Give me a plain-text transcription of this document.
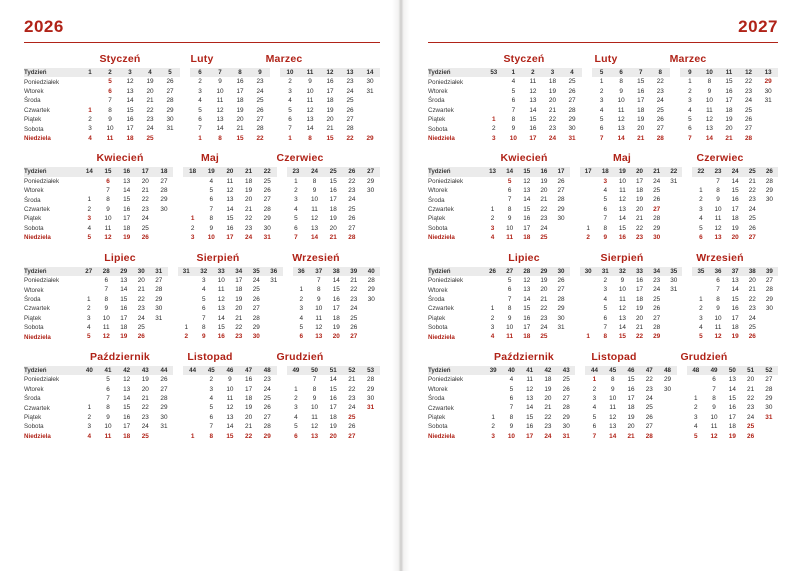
2026
Styczeń	Luty	Marzec
Tydzień	1	2	3	4	5		6	7	8	9		10	11	12	13	14
Poniedziałek		5	12	19	26		2	9	16	23		2	9	16	23	30
Wtorek		6	13	20	27		3	10	17	24		3	10	17	24	31
Środa		7	14	21	28		4	11	18	25		4	11	18	25	
Czwartek	1	8	15	22	29		5	12	19	26		5	12	19	26	
Piątek	2	9	16	23	30		6	13	20	27		6	13	20	27	
Sobota	3	10	17	24	31		7	14	21	28		7	14	21	28	
Niedziela	4	11	18	25			1	8	15	22		1	8	15	22	29
Kwiecień	Maj	Czerwiec
Tydzień	14	15	16	17	18		18	19	20	21	22		23	24	25	26	27
Poniedziałek		6	13	20	27			4	11	18	25		1	8	15	22	29
Wtorek		7	14	21	28			5	12	19	26		2	9	16	23	30
Środa	1	8	15	22	29			6	13	20	27		3	10	17	24	
Czwartek	2	9	16	23	30			7	14	21	28		4	11	18	25	
Piątek	3	10	17	24			1	8	15	22	29		5	12	19	26	
Sobota	4	11	18	25			2	9	16	23	30		6	13	20	27	
Niedziela	5	12	19	26			3	10	17	24	31		7	14	21	28	
Lipiec	Sierpień	Wrzesień
Tydzień	27	28	29	30	31		31	32	33	34	35	36		36	37	38	39	40
Poniedziałek		6	13	20	27			3	10	17	24	31			7	14	21	28
Wtorek		7	14	21	28			4	11	18	25			1	8	15	22	29
Środa	1	8	15	22	29			5	12	19	26			2	9	16	23	30
Czwartek	2	9	16	23	30			6	13	20	27			3	10	17	24	
Piątek	3	10	17	24	31			7	14	21	28			4	11	18	25	
Sobota	4	11	18	25			1	8	15	22	29			5	12	19	26	
Niedziela	5	12	19	26			2	9	16	23	30			6	13	20	27	
Październik	Listopad	Grudzień
Tydzień	40	41	42	43	44		44	45	46	47	48		49	50	51	52	53
Poniedziałek		5	12	19	26			2	9	16	23			7	14	21	28
Wtorek		6	13	20	27			3	10	17	24		1	8	15	22	29
Środa		7	14	21	28			4	11	18	25		2	9	16	23	30
Czwartek	1	8	15	22	29			5	12	19	26		3	10	17	24	31
Piątek	2	9	16	23	30			6	13	20	27		4	11	18	25	
Sobota	3	10	17	24	31			7	14	21	28		5	12	19	26	
Niedziela	4	11	18	25			1	8	15	22	29		6	13	20	27	
2027
Styczeń	Luty	Marzec
Tydzień	53	1	2	3	4		5	6	7	8		9	10	11	12	13
Poniedziałek		4	11	18	25		1	8	15	22		1	8	15	22	29
Wtorek		5	12	19	26		2	9	16	23		2	9	16	23	30
Środa		6	13	20	27		3	10	17	24		3	10	17	24	31
Czwartek		7	14	21	28		4	11	18	25		4	11	18	25	
Piątek	1	8	15	22	29		5	12	19	26		5	12	19	26	
Sobota	2	9	16	23	30		6	13	20	27		6	13	20	27	
Niedziela	3	10	17	24	31		7	14	21	28		7	14	21	28	
Kwiecień	Maj	Czerwiec
Tydzień	13	14	15	16	17		17	18	19	20	21	22		22	23	24	25	26
Poniedziałek		5	12	19	26			3	10	17	24	31			7	14	21	28
Wtorek		6	13	20	27			4	11	18	25			1	8	15	22	29
Środa		7	14	21	28			5	12	19	26			2	9	16	23	30
Czwartek	1	8	15	22	29			6	13	20	27			3	10	17	24	
Piątek	2	9	16	23	30			7	14	21	28			4	11	18	25	
Sobota	3	10	17	24			1	8	15	22	29			5	12	19	26	
Niedziela	4	11	18	25			2	9	16	23	30			6	13	20	27	
Lipiec	Sierpień	Wrzesień
Tydzień	26	27	28	29	30		30	31	32	33	34	35		35	36	37	38	39
Poniedziałek		5	12	19	26			2	9	16	23	30			6	13	20	27
Wtorek		6	13	20	27			3	10	17	24	31			7	14	21	28
Środa		7	14	21	28			4	11	18	25			1	8	15	22	29
Czwartek	1	8	15	22	29			5	12	19	26			2	9	16	23	30
Piątek	2	9	16	23	30			6	13	20	27			3	10	17	24	
Sobota	3	10	17	24	31			7	14	21	28			4	11	18	25	
Niedziela	4	11	18	25			1	8	15	22	29			5	12	19	26	
Październik	Listopad	Grudzień
Tydzień	39	40	41	42	43		44	45	46	47	48		48	49	50	51	52
Poniedziałek		4	11	18	25		1	8	15	22	29			6	13	20	27
Wtorek		5	12	19	26		2	9	16	23	30			7	14	21	28
Środa		6	13	20	27		3	10	17	24			1	8	15	22	29
Czwartek		7	14	21	28		4	11	18	25			2	9	16	23	30
Piątek	1	8	15	22	29		5	12	19	26			3	10	17	24	31
Sobota	2	9	16	23	30		6	13	20	27			4	11	18	25	
Niedziela	3	10	17	24	31		7	14	21	28			5	12	19	26	
